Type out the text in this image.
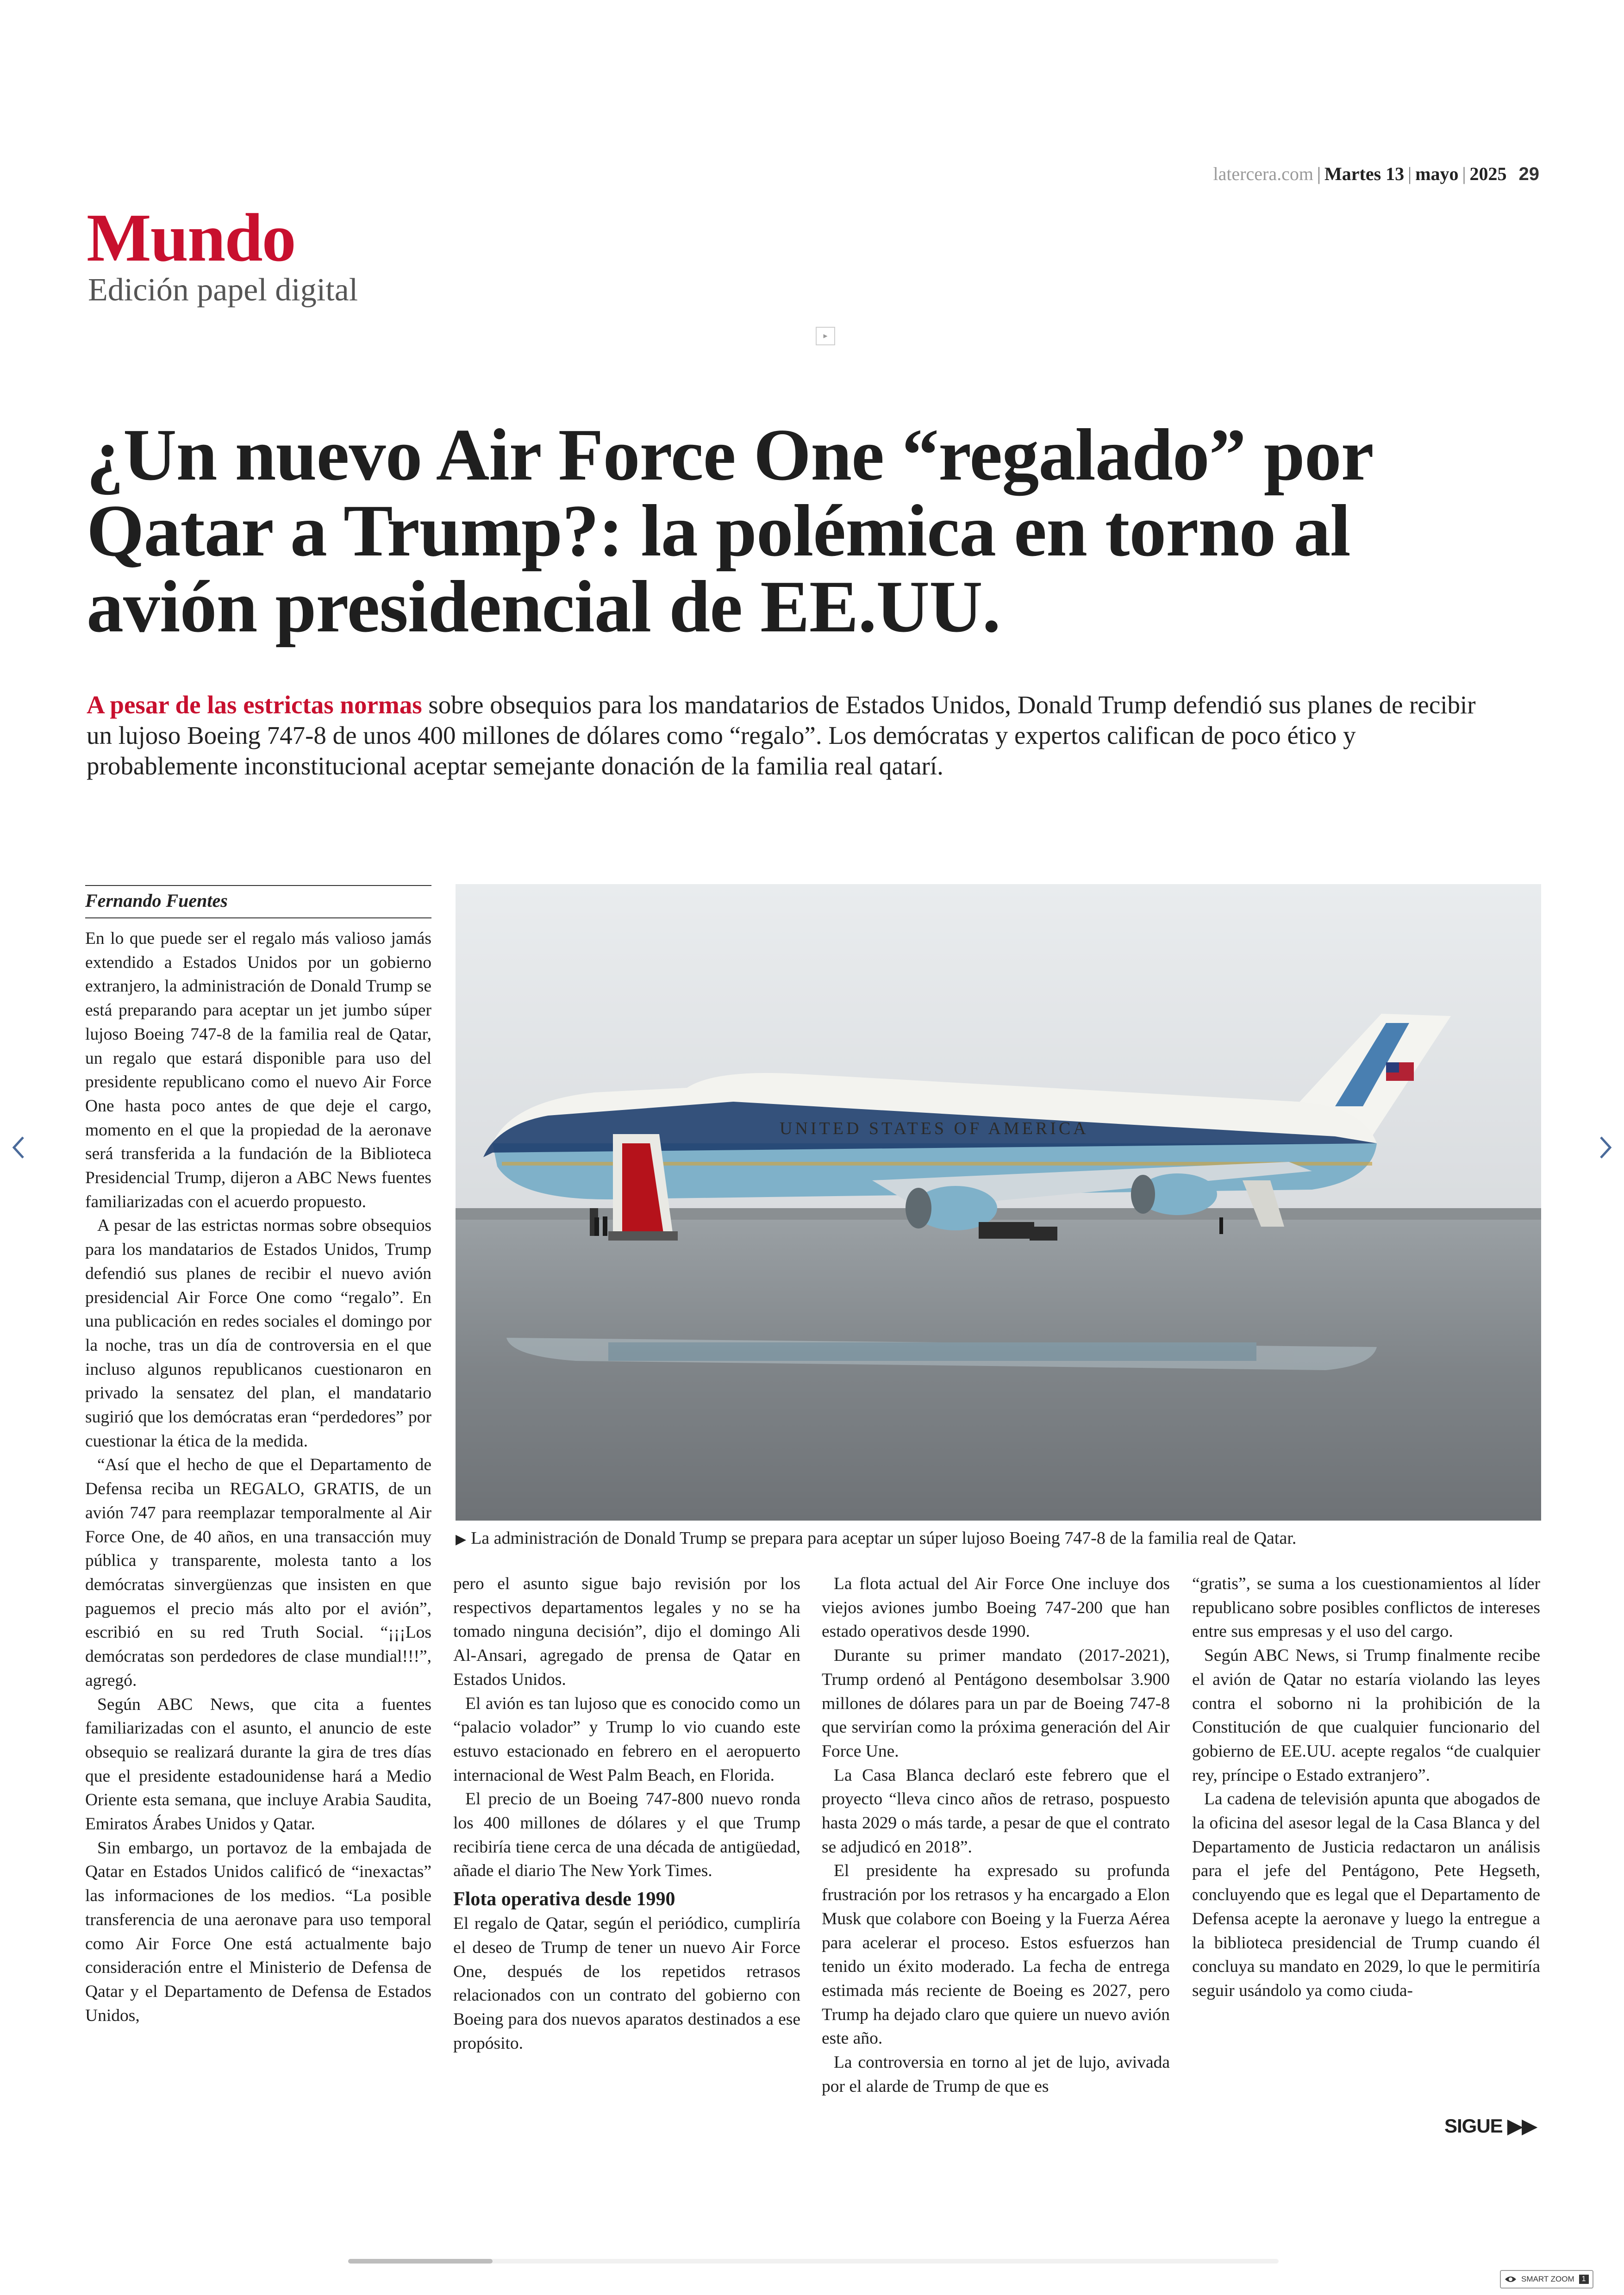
latercera.com | Martes 13 | mayo | 2025 29
Mundo
Edición papel digital
▸
¿Un nuevo Air Force One “regalado” por Qatar a Trump?: la polémica en torno al avión presidencial de EE.UU.

A pesar de las estrictas normas sobre obsequios para los mandatarios de Estados Unidos, Donald Trump defendió sus planes de recibir un lujoso Boeing 747-8 de unos 400 millones de dólares como “regalo”. Los demócratas y expertos califican de poco ético y probablemente inconstitucional aceptar semejante donación de la familia real qatarí.

Fernando Fuentes
UNITED STATES OF AMERICA
▶ La administración de Donald Trump se prepara para aceptar un súper lujoso Boeing 747-8 de la familia real de Qatar.

En lo que puede ser el regalo más valioso jamás extendido a Estados Unidos por un gobierno extranjero, la administración de Donald Trump se está preparando para aceptar un jet jumbo súper lujoso Boeing 747-8 de la familia real de Qatar, un regalo que estará disponible para uso del presidente republicano como el nuevo Air Force One hasta poco antes de que deje el cargo, momento en el que la propiedad de la aeronave será transferida a la fundación de la Biblioteca Presidencial Trump, dijeron a ABC News fuentes familiarizadas con el acuerdo propuesto.

A pesar de las estrictas normas sobre obsequios para los mandatarios de Estados Unidos, Trump defendió sus planes de recibir el nuevo avión presidencial Air Force One como “regalo”. En una publicación en redes sociales el domingo por la noche, tras un día de controversia en el que incluso algunos republicanos cuestionaron en privado la sensatez del plan, el mandatario sugirió que los demócratas eran “perdedores” por cuestionar la ética de la medida.

“Así que el hecho de que el Departamento de Defensa reciba un REGALO, GRATIS, de un avión 747 para reemplazar temporalmente al Air Force One, de 40 años, en una transacción muy pública y transparente, molesta tanto a los demócratas sinvergüenzas que insisten en que paguemos el precio más alto por el avión”, escribió en su red Truth Social. “¡¡¡Los demócratas son perdedores de clase mundial!!!”, agregó.

Según ABC News, que cita a fuentes familiarizadas con el asunto, el anuncio de este obsequio se realizará durante la gira de tres días que el presidente estadounidense hará a Medio Oriente esta semana, que incluye Arabia Saudita, Emiratos Árabes Unidos y Qatar.

Sin embargo, un portavoz de la embajada de Qatar en Estados Unidos calificó de “inexactas” las informaciones de los medios. “La posible transferencia de una aeronave para uso temporal como Air Force One está actualmente bajo consideración entre el Ministerio de Defensa de Qatar y el Departamento de Defensa de Estados Unidos,

pero el asunto sigue bajo revisión por los respectivos departamentos legales y no se ha tomado ninguna decisión”, dijo el domingo Ali Al-Ansari, agregado de prensa de Qatar en Estados Unidos.

El avión es tan lujoso que es conocido como un “palacio volador” y Trump lo vio cuando este estuvo estacionado en febrero en el aeropuerto internacional de West Palm Beach, en Florida.

El precio de un Boeing 747-800 nuevo ronda los 400 millones de dólares y el que Trump recibiría tiene cerca de una década de antigüedad, añade el diario The New York Times.

Flota operativa desde 1990

El regalo de Qatar, según el periódico, cumpliría el deseo de Trump de tener un nuevo Air Force One, después de los repetidos retrasos relacionados con un contrato del gobierno con Boeing para dos nuevos aparatos destinados a ese propósito.

La flota actual del Air Force One incluye dos viejos aviones jumbo Boeing 747-200 que han estado operativos desde 1990.

Durante su primer mandato (2017-2021), Trump ordenó al Pentágono desembolsar 3.900 millones de dólares para un par de Boeing 747-8 que servirían como la próxima generación del Air Force Une.

La Casa Blanca declaró este febrero que el proyecto “lleva cinco años de retraso, pospuesto hasta 2029 o más tarde, a pesar de que el contrato se adjudicó en 2018”.

El presidente ha expresado su profunda frustración por los retrasos y ha encargado a Elon Musk que colabore con Boeing y la Fuerza Aérea para acelerar el proceso. Estos esfuerzos han tenido un éxito moderado. La fecha de entrega estimada más reciente de Boeing es 2027, pero Trump ha dejado claro que quiere un nuevo avión este año.

La controversia en torno al jet de lujo, avivada por el alarde de Trump de que es

“gratis”, se suma a los cuestionamientos al líder republicano sobre posibles conflictos de intereses entre sus empresas y el uso del cargo.

Según ABC News, si Trump finalmente recibe el avión de Qatar no estaría violando las leyes contra el soborno ni la prohibición de la Constitución de que cualquier funcionario del gobierno de EE.UU. acepte regalos “de cualquier rey, príncipe o Estado extranjero”.

La cadena de televisión apunta que abogados de la oficina del asesor legal de la Casa Blanca y del Departamento de Justicia redactaron un análisis para el jefe del Pentágono, Pete Hegseth, concluyendo que es legal que el Departamento de Defensa acepte la aeronave y luego la entregue a la biblioteca presidencial de Trump cuando él concluya su mandato en 2029, lo que le permitiría seguir usándolo ya como ciuda-

SIGUE ▶▶
SMART ZOOM	1
